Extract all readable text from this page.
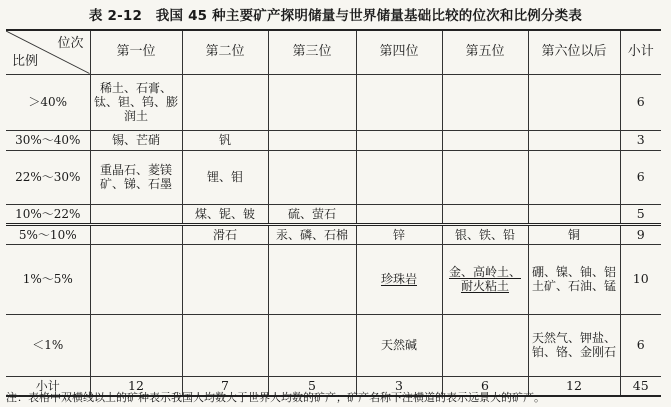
表 2-12　我国 45 种主要矿产探明储量与世界储量基础比较的位次和比例分类表
位次
比例	第一位	第二位	第三位	第四位	第五位	第六位以后	小计
＞40%	稀土、石膏、钛、钽、钨、膨润土						6
30%～40%	锡、芒硝	钒					3
22%～30%	重晶石、菱镁矿、锑、石墨	锂、钼					6
10%～22%		煤、铌、铍	硫、萤石				5
5%～10%		滑石	汞、磷、石棉	锌	银、铁、铅	铜	9
1%～5%				珍珠岩	金、高岭土、耐火粘土	硼、镍、铀、铝土矿、石油、锰	10
＜1%				天然碱		天然气、钾盐、铂、铬、金刚石	6
小计	12	7	5	3	6	12	45
注：表格中双横线以上的矿种表示我国人均数大于世界人均数的矿产；矿产名称下注横道的表示远景大的矿产。
